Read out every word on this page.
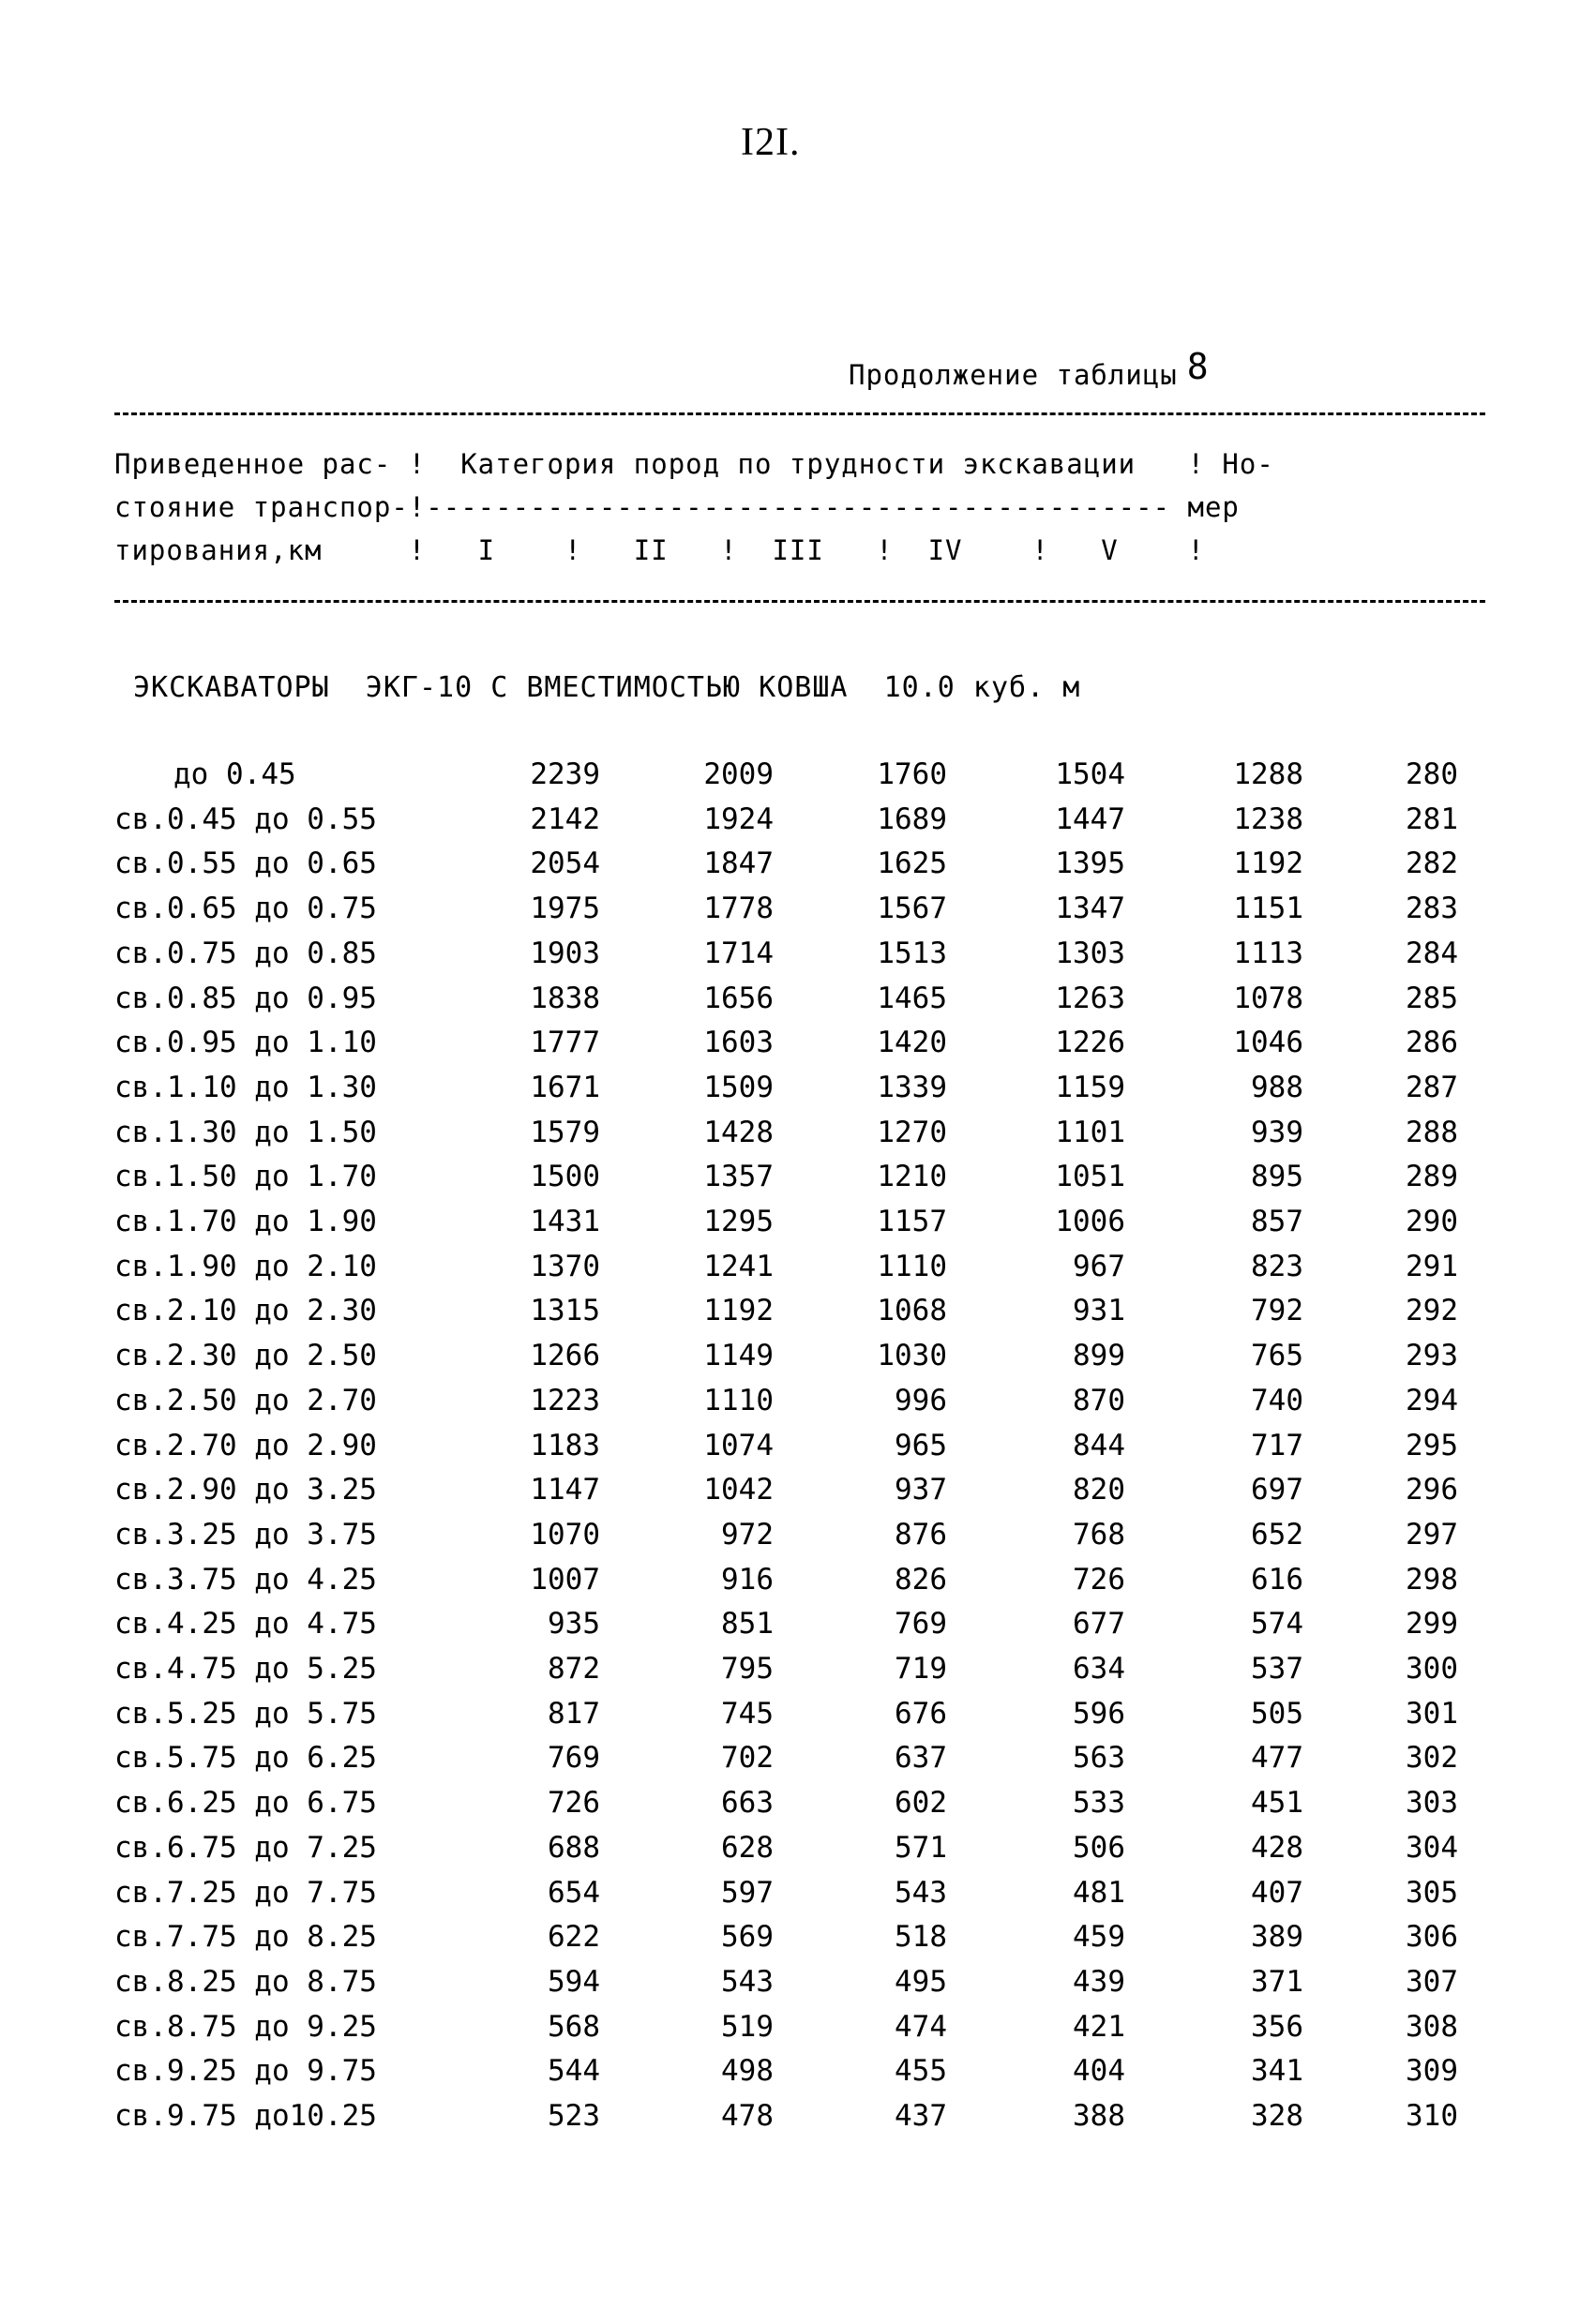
I2I.
Продолжение таблицы 8
Приведенное рас- !  Категория пород по трудности экскавации   ! Но-
стояние транспор-!------------------------------------------- мер
тирования,км     !   I    !   II   !  III   !  IV    !   V    !
ЭКСКАВАТОРЫ  ЭКГ-10 С ВМЕСТИМОСТЬЮ КОВША  10.0 куб. м
до 0.45	2239	2009	1760	1504	1288	280
св.0.45 до 0.55	2142	1924	1689	1447	1238	281
св.0.55 до 0.65	2054	1847	1625	1395	1192	282
св.0.65 до 0.75	1975	1778	1567	1347	1151	283
св.0.75 до 0.85	1903	1714	1513	1303	1113	284
св.0.85 до 0.95	1838	1656	1465	1263	1078	285
св.0.95 до 1.10	1777	1603	1420	1226	1046	286
св.1.10 до 1.30	1671	1509	1339	1159	988	287
св.1.30 до 1.50	1579	1428	1270	1101	939	288
св.1.50 до 1.70	1500	1357	1210	1051	895	289
св.1.70 до 1.90	1431	1295	1157	1006	857	290
св.1.90 до 2.10	1370	1241	1110	967	823	291
св.2.10 до 2.30	1315	1192	1068	931	792	292
св.2.30 до 2.50	1266	1149	1030	899	765	293
св.2.50 до 2.70	1223	1110	996	870	740	294
св.2.70 до 2.90	1183	1074	965	844	717	295
св.2.90 до 3.25	1147	1042	937	820	697	296
св.3.25 до 3.75	1070	972	876	768	652	297
св.3.75 до 4.25	1007	916	826	726	616	298
св.4.25 до 4.75	935	851	769	677	574	299
св.4.75 до 5.25	872	795	719	634	537	300
св.5.25 до 5.75	817	745	676	596	505	301
св.5.75 до 6.25	769	702	637	563	477	302
св.6.25 до 6.75	726	663	602	533	451	303
св.6.75 до 7.25	688	628	571	506	428	304
св.7.25 до 7.75	654	597	543	481	407	305
св.7.75 до 8.25	622	569	518	459	389	306
св.8.25 до 8.75	594	543	495	439	371	307
св.8.75 до 9.25	568	519	474	421	356	308
св.9.25 до 9.75	544	498	455	404	341	309
св.9.75 до10.25	523	478	437	388	328	310
